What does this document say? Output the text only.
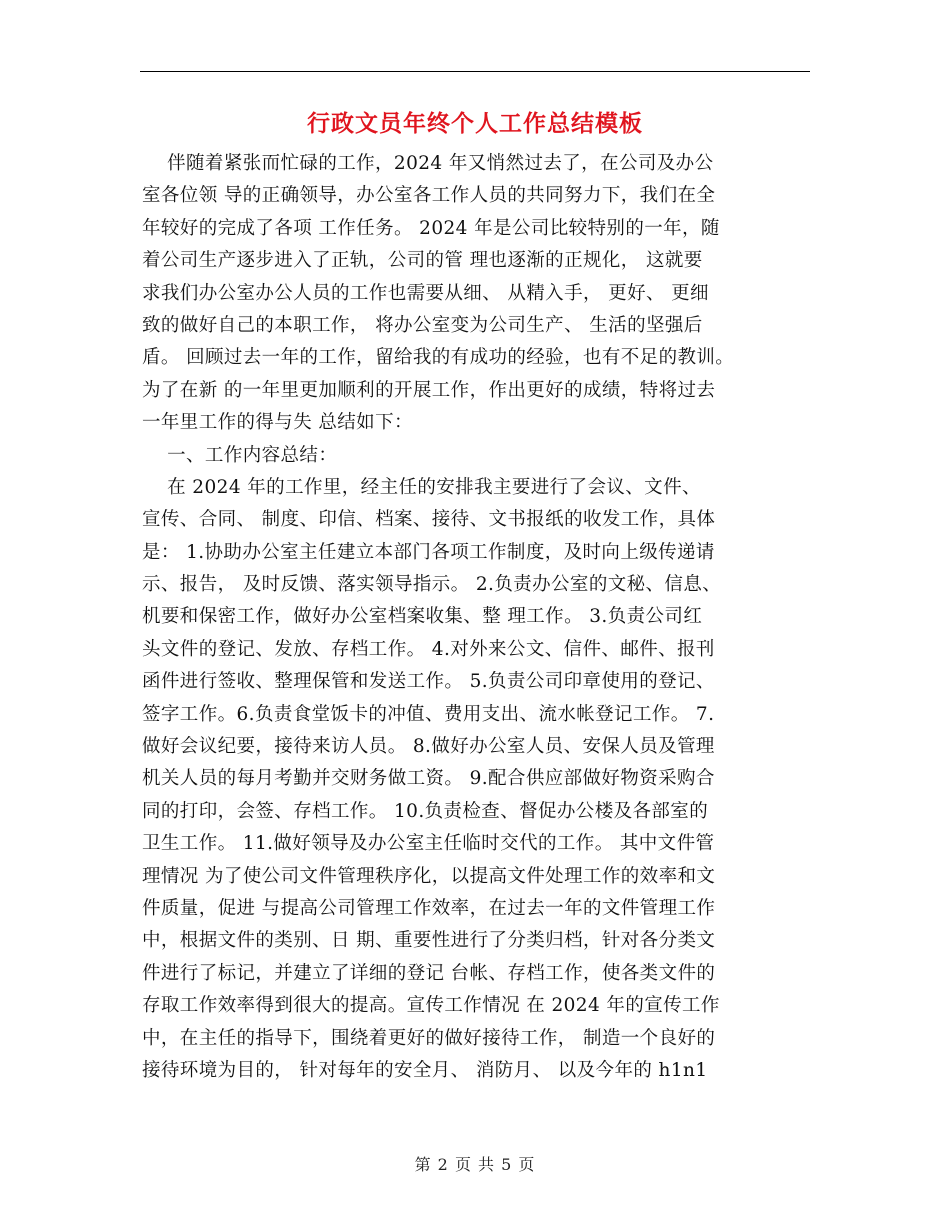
行政文员年终个人工作总结模板
伴随着紧张而忙碌的工作，2024 年又悄然过去了，在公司及办公
室各位领 导的正确领导，办公室各工作人员的共同努力下，我们在全
年较好的完成了各项 工作任务。 2024 年是公司比较特别的一年，随
着公司生产逐步进入了正轨，公司的管 理也逐渐的正规化， 这就要
求我们办公室办公人员的工作也需要从细、 从精入手， 更好、 更细
致的做好自己的本职工作， 将办公室变为公司生产、 生活的坚强后
盾。 回顾过去一年的工作，留给我的有成功的经验，也有不足的教训。
为了在新 的一年里更加顺利的开展工作，作出更好的成绩，特将过去
一年里工作的得与失 总结如下：
一、工作内容总结：
在 2024 年的工作里，经主任的安排我主要进行了会议、文件、
宣传、合同、 制度、印信、档案、接待、文书报纸的收发工作，具体
是： 1.协助办公室主任建立本部门各项工作制度，及时向上级传递请
示、报告， 及时反馈、落实领导指示。 2.负责办公室的文秘、信息、
机要和保密工作，做好办公室档案收集、整 理工作。 3.负责公司红
头文件的登记、发放、存档工作。 4.对外来公文、信件、邮件、报刊
函件进行签收、整理保管和发送工作。 5.负责公司印章使用的登记、
签字工作。6.负责食堂饭卡的冲值、费用支出、流水帐登记工作。 7.
做好会议纪要，接待来访人员。 8.做好办公室人员、安保人员及管理
机关人员的每月考勤并交财务做工资。 9.配合供应部做好物资采购合
同的打印，会签、存档工作。 10.负责检查、督促办公楼及各部室的
卫生工作。 11.做好领导及办公室主任临时交代的工作。 其中文件管
理情况 为了使公司文件管理秩序化，以提高文件处理工作的效率和文
件质量，促进 与提高公司管理工作效率，在过去一年的文件管理工作
中，根据文件的类别、日 期、重要性进行了分类归档，针对各分类文
件进行了标记，并建立了详细的登记 台帐、存档工作，使各类文件的
存取工作效率得到很大的提高。宣传工作情况 在 2024 年的宣传工作
中，在主任的指导下，围绕着更好的做好接待工作， 制造一个良好的
接待环境为目的， 针对每年的安全月、 消防月、 以及今年的 h1n1
第 2 页 共 5 页
